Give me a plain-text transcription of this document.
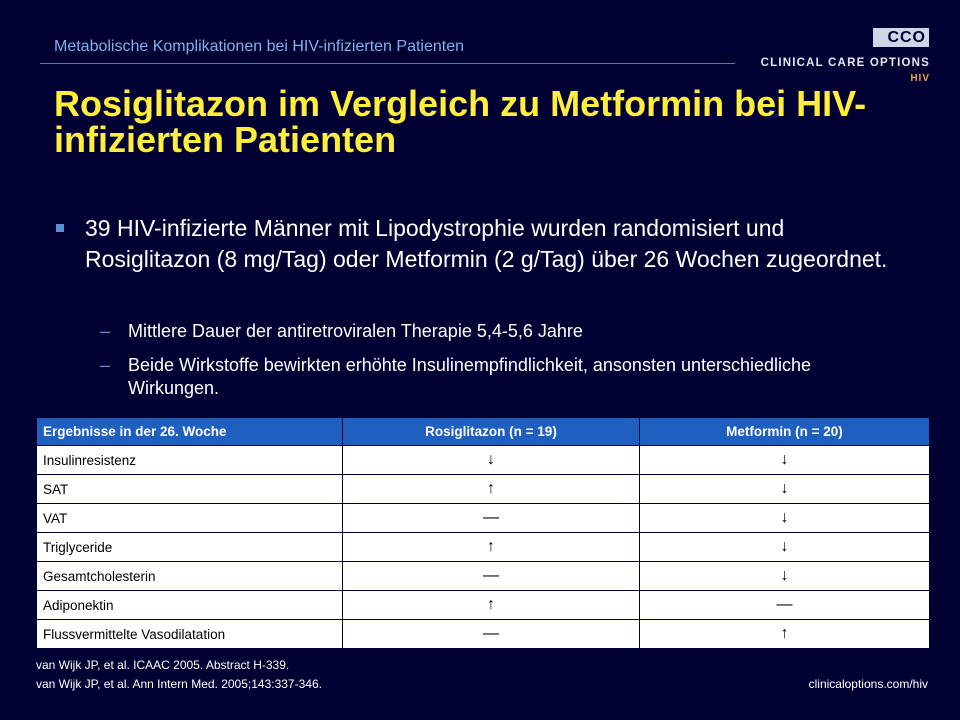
Metabolische Komplikationen bei HIV-infizierten Patienten
CCO
CLINICAL CARE OPTIONS
HIV
Rosiglitazon im Vergleich zu Metformin bei HIV-infizierten Patienten
39 HIV-infizierte Männer mit Lipodystrophie wurden randomisiert und Rosiglitazon (8 mg/Tag) oder Metformin (2 g/Tag) über 26 Wochen zugeordnet.
– Mittlere Dauer der antiretroviralen Therapie 5,4-5,6 Jahre
– Beide Wirkstoffe bewirkten erhöhte Insulinempfindlichkeit, ansonsten unterschiedliche Wirkungen.
Ergebnisse in der 26. Woche	Rosiglitazon (n = 19)	Metformin (n = 20)
Insulinresistenz	↓	↓
SAT	↑	↓
VAT	—	↓
Triglyceride	↑	↓
Gesamtcholesterin	—	↓
Adiponektin	↑	—
Flussvermittelte Vasodilatation	—	↑
van Wijk JP, et al. ICAAC 2005. Abstract H-339.
van Wijk JP, et al. Ann Intern Med. 2005;143:337-346.	clinicaloptions.com/hiv
